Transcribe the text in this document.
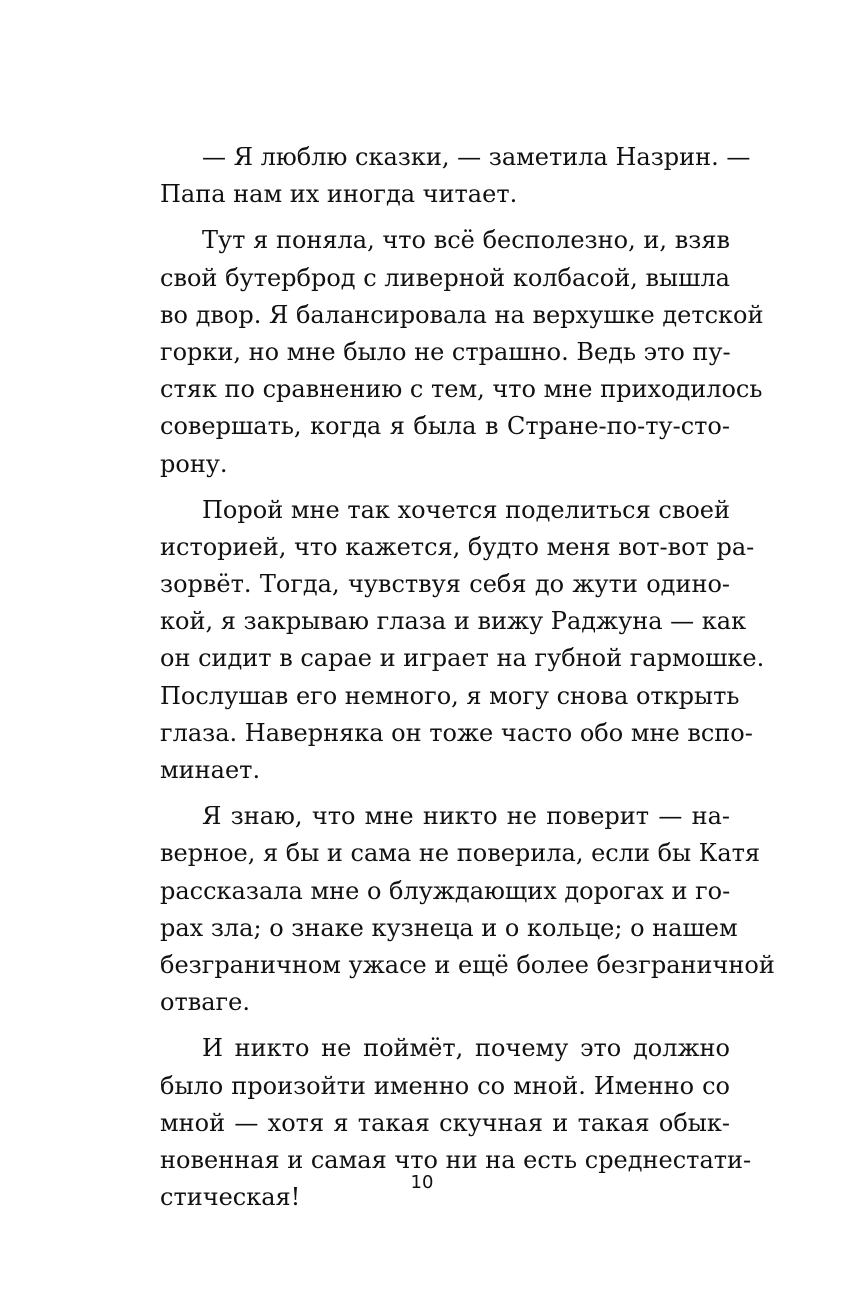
— Я люблю сказки, — заметила Назрин. —
Папа нам их иногда читает.

Тут я поняла, что всё бесполезно, и, взяв
свой бутерброд с ливерной колбасой, вышла
во двор. Я балансировала на верхушке детской
горки, но мне было не страшно. Ведь это пу-
стяк по сравнению с тем, что мне приходилось
совершать, когда я была в Стране-по-ту-сто-
рону.

Порой мне так хочется поделиться своей
историей, что кажется, будто меня вот-вот ра-
зорвёт. Тогда, чувствуя себя до жути одино-
кой, я закрываю глаза и вижу Раджуна — как
он сидит в сарае и играет на губной гармошке.
Послушав его немного, я могу снова открыть
глаза. Наверняка он тоже часто обо мне вспо-
минает.

Я знаю, что мне никто не поверит — на-
верное, я бы и сама не поверила, если бы Катя
рассказала мне о блуждающих дорогах и го-
рах зла; о знаке кузнеца и о кольце; о нашем
безграничном ужасе и ещё более безграничной
отваге.

И никто не поймёт, почему это должно
было произойти именно со мной. Именно со
мной — хотя я такая скучная и такая обык-
новенная и самая что ни на есть среднестати-
стическая!

10
